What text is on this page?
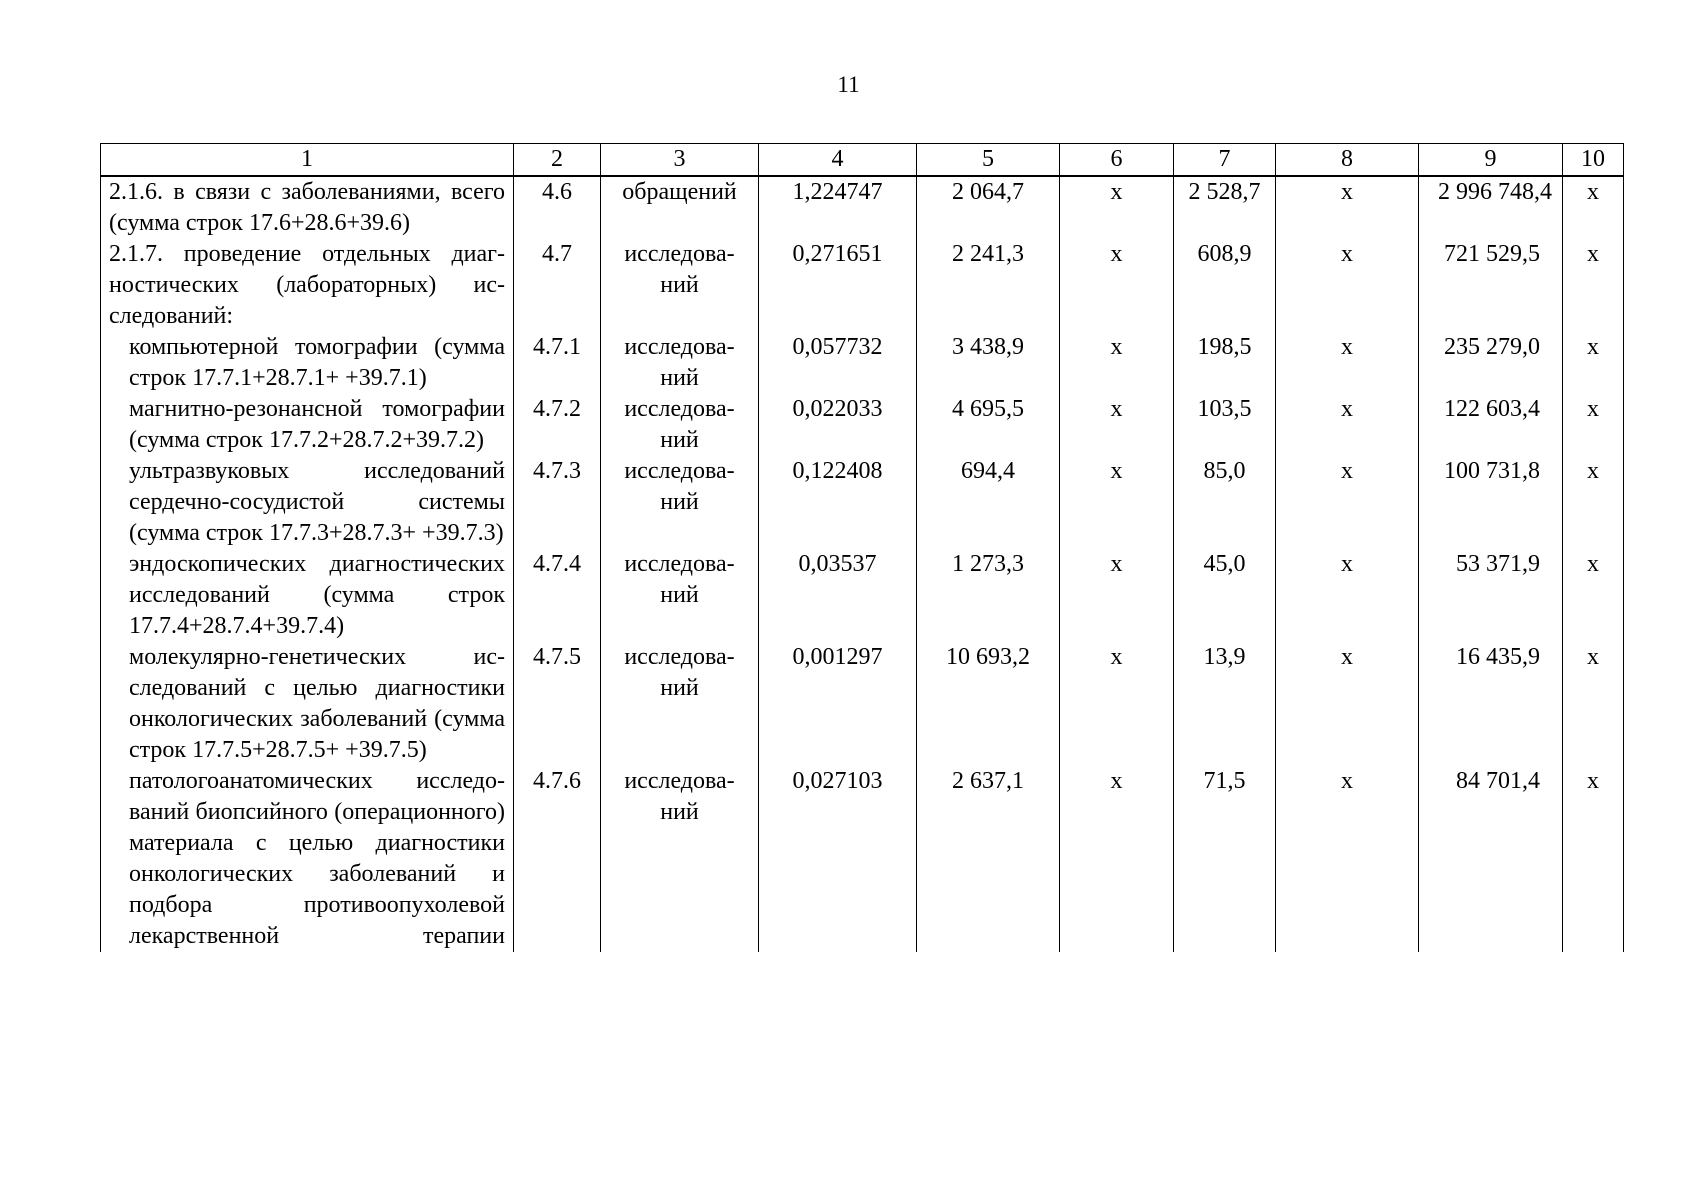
11
1	2	3	4	5	6	7	8	9	10
2.1.6. в связи с заболеваниями, всего (сумма строк 17.6+28.6+39.6)	4.6	обращений	1,224747	2 064,7	х	2 528,7	х	2 996 748,4	х
2.1.7. проведение отдельных диагностических (лабораторных) исследований:	4.7	исследований	0,271651	2 241,3	х	608,9	х	721 529,5	х
компьютерной томографии (сумма строк 17.7.1+28.7.1+ +39.7.1)	4.7.1	исследований	0,057732	3 438,9	х	198,5	х	235 279,0	х
магнитно-резонансной томографии (сумма строк 17.7.2+28.7.2+39.7.2)	4.7.2	исследований	0,022033	4 695,5	х	103,5	х	122 603,4	х
ультразвуковых исследований сердечно-сосудистой системы (сумма строк 17.7.3+28.7.3+ +39.7.3)	4.7.3	исследований	0,122408	694,4	х	85,0	х	100 731,8	х
эндоскопических диагностических исследований (сумма строк 17.7.4+28.7.4+39.7.4)	4.7.4	исследований	0,03537	1 273,3	х	45,0	х	53 371,9	х
молекулярно-генетических исследований с целью диагностики онкологических заболеваний (сумма строк 17.7.5+28.7.5+ +39.7.5)	4.7.5	исследований	0,001297	10 693,2	х	13,9	х	16 435,9	х
патологоанатомических исследований биопсийного (операционного) материала с целью диагностики онкологических заболеваний и подбора противоопухолевой лекарственной терапии	4.7.6	исследований	0,027103	2 637,1	х	71,5	х	84 701,4	х
